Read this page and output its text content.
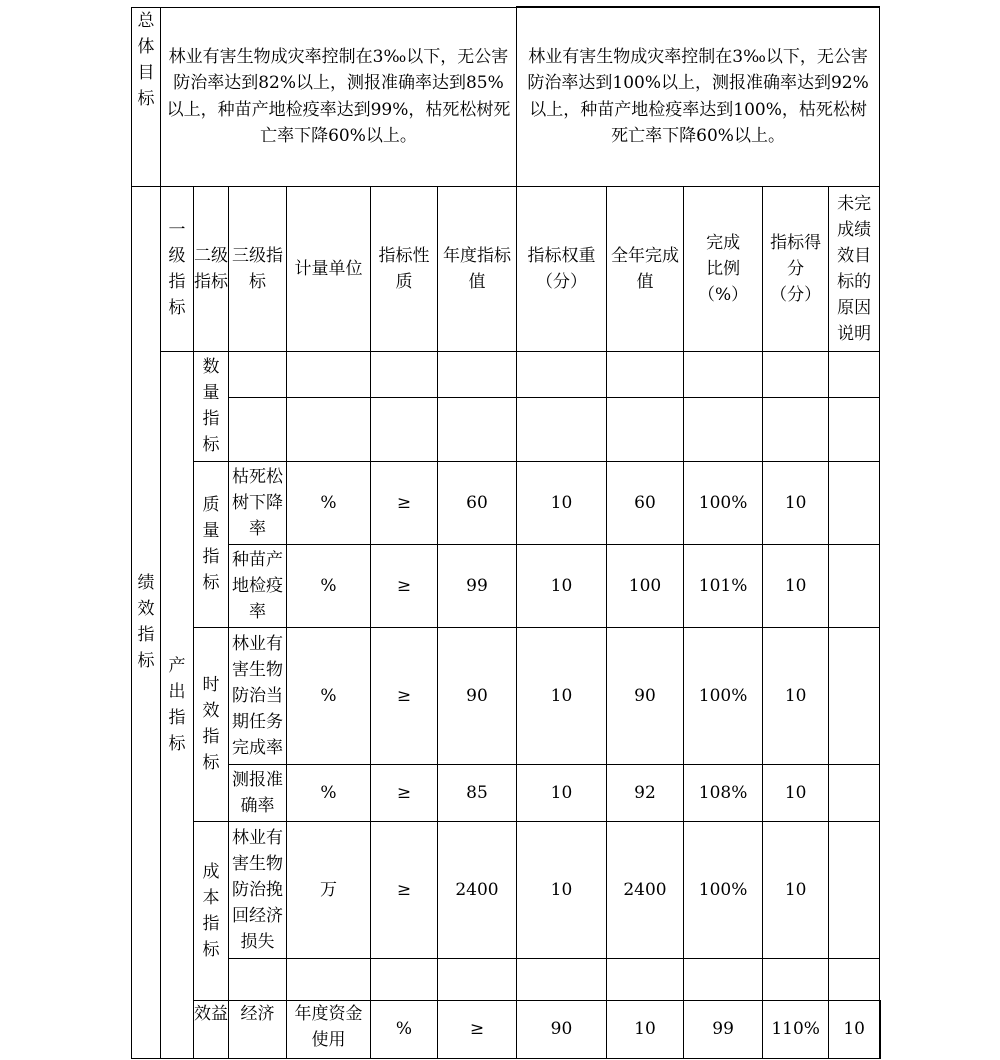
总体目标	林业有害生物成灾率控制在3‰以下，无公害防治率达到82%以上，测报准确率达到85%以上，种苗产地检疫率达到99%，枯死松树死亡率下降60%以上。						林业有害生物成灾率控制在3‰以下，无公害防治率达到100%以上，测报准确率达到92%以上，种苗产地检疫率达到100%，枯死松树死亡率下降60%以上。					
绩效指标	一级指标	二级指标	三级指标	计量单位	指标性质	年度指标值	指标权重（分）	全年完成值	完成比例（%）	指标得分（分）	未完成绩效目标的原因说明	
	产出指标	数量指标										

		质量指标	枯死松树下降率	%	≥	60	10	60	100%	10		
			种苗产地检疫率	%	≥	99	10	100	101%	10		
		时效指标	林业有害生物防治当期任务完成率	%	≥	90	10	90	100%	10		
			测报准确率	%	≥	85	10	92	108%	10		
		成本指标	林业有害生物防治挽回经济损失	万	≥	2400	10	2400	100%	10		

		效益	经济	年度资金使用	%	≥	90	10	99	110%	10	
